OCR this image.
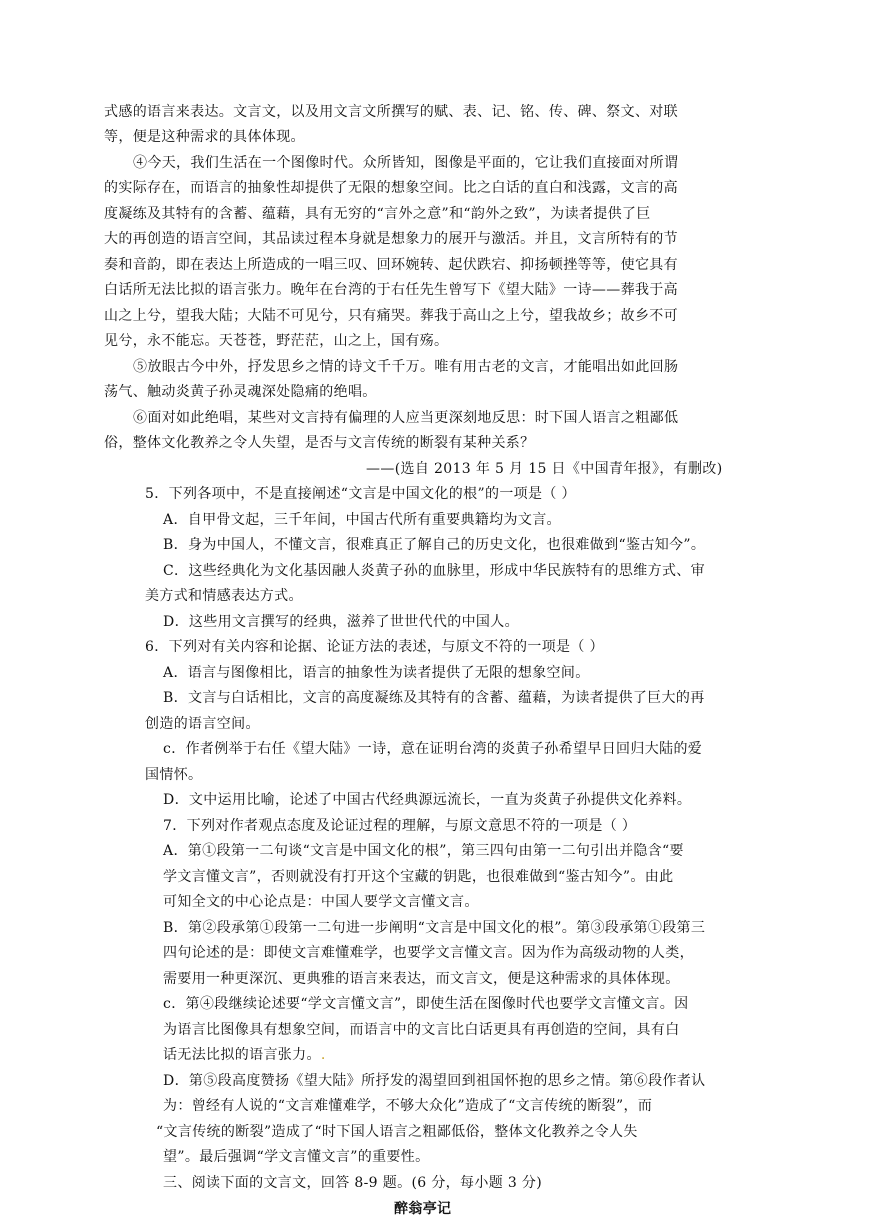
式感的语言来表达。文言文，以及用文言文所撰写的赋、表、记、铭、传、碑、祭文、对联
等，便是这种需求的具体体现。
④今天，我们生活在一个图像时代。众所皆知，图像是平面的，它让我们直接面对所谓
的实际存在，而语言的抽象性却提供了无限的想象空间。比之白话的直白和浅露，文言的高
度凝练及其特有的含蓄、蕴藉，具有无穷的“言外之意”和“韵外之致”，为读者提供了巨
大的再创造的语言空间，其品读过程本身就是想象力的展开与激活。并且，文言所特有的节
奏和音韵，即在表达上所造成的一唱三叹、回环婉转、起伏跌宕、抑扬顿挫等等，使它具有
白话所无法比拟的语言张力。晚年在台湾的于右任先生曾写下《望大陆》一诗——葬我于高
山之上兮，望我大陆；大陆不可见兮，只有痛哭。葬我于高山之上兮，望我故乡；故乡不可
见兮，永不能忘。天苍苍，野茫茫，山之上，国有殇。
⑤放眼古今中外，抒发思乡之情的诗文千千万。唯有用古老的文言，才能唱出如此回肠
荡气、触动炎黄子孙灵魂深处隐痛的绝唱。
⑥面对如此绝唱，某些对文言持有偏理的人应当更深刻地反思：时下国人语言之粗鄙低
俗，整体文化教养之令人失望，是否与文言传统的断裂有某种关系？
——(选自 2013 年 5 月 15 日《中国青年报》，有删改)
5．下列各项中，不是直接阐述“文言是中国文化的根”的一项是（ ）
A．自甲骨文起，三千年间，中国古代所有重要典籍均为文言。
B．身为中国人，不懂文言，很难真正了解自己的历史文化，也很难做到“鉴古知今”。
C．这些经典化为文化基因融人炎黄子孙的血脉里，形成中华民族特有的思维方式、审
美方式和情感表达方式。
D．这些用文言撰写的经典，滋养了世世代代的中国人。
6．下列对有关内容和论据、论证方法的表述，与原文不符的一项是（ ）
A．语言与图像相比，语言的抽象性为读者提供了无限的想象空间。
B．文言与白话相比，文言的高度凝练及其特有的含蓄、蕴藉，为读者提供了巨大的再
创造的语言空间。
c．作者例举于右任《望大陆》一诗，意在证明台湾的炎黄子孙希望早日回归大陆的爱
国情怀。
D．文中运用比喻，论述了中国古代经典源远流长，一直为炎黄子孙提供文化养料。
7．下列对作者观点态度及论证过程的理解，与原文意思不符的一项是（ ）
A．第①段第一二句谈“文言是中国文化的根”，第三四句由第一二句引出并隐含“要
学文言懂文言”，否则就没有打开这个宝藏的钥匙，也很难做到“鉴古知今”。由此
可知全文的中心论点是：中国人要学文言懂文言。
B．第②段承第①段第一二句进一步阐明“文言是中国文化的根”。第③段承第①段第三
四句论述的是：即使文言难懂难学，也要学文言懂文言。因为作为高级动物的人类，
需要用一种更深沉、更典雅的语言来表达，而文言文，便是这种需求的具体体现。
c．第④段继续论述要“学文言懂文言”，即使生活在图像时代也要学文言懂文言。因
为语言比图像具有想象空间，而语言中的文言比白话更具有再创造的空间，具有白
话无法比拟的语言张力。.
D．第⑤段高度赞扬《望大陆》所抒发的渴望回到祖国怀抱的思乡之情。第⑥段作者认
为：曾经有人说的“文言难懂难学，不够大众化”造成了“文言传统的断裂”，而
“文言传统的断裂”造成了“时下国人语言之粗鄙低俗，整体文化教养之令人失
望”。最后强调“学文言懂文言”的重要性。
三、阅读下面的文言文，回答 8-9 题。(6 分，每小题 3 分)
醉翁亭记
